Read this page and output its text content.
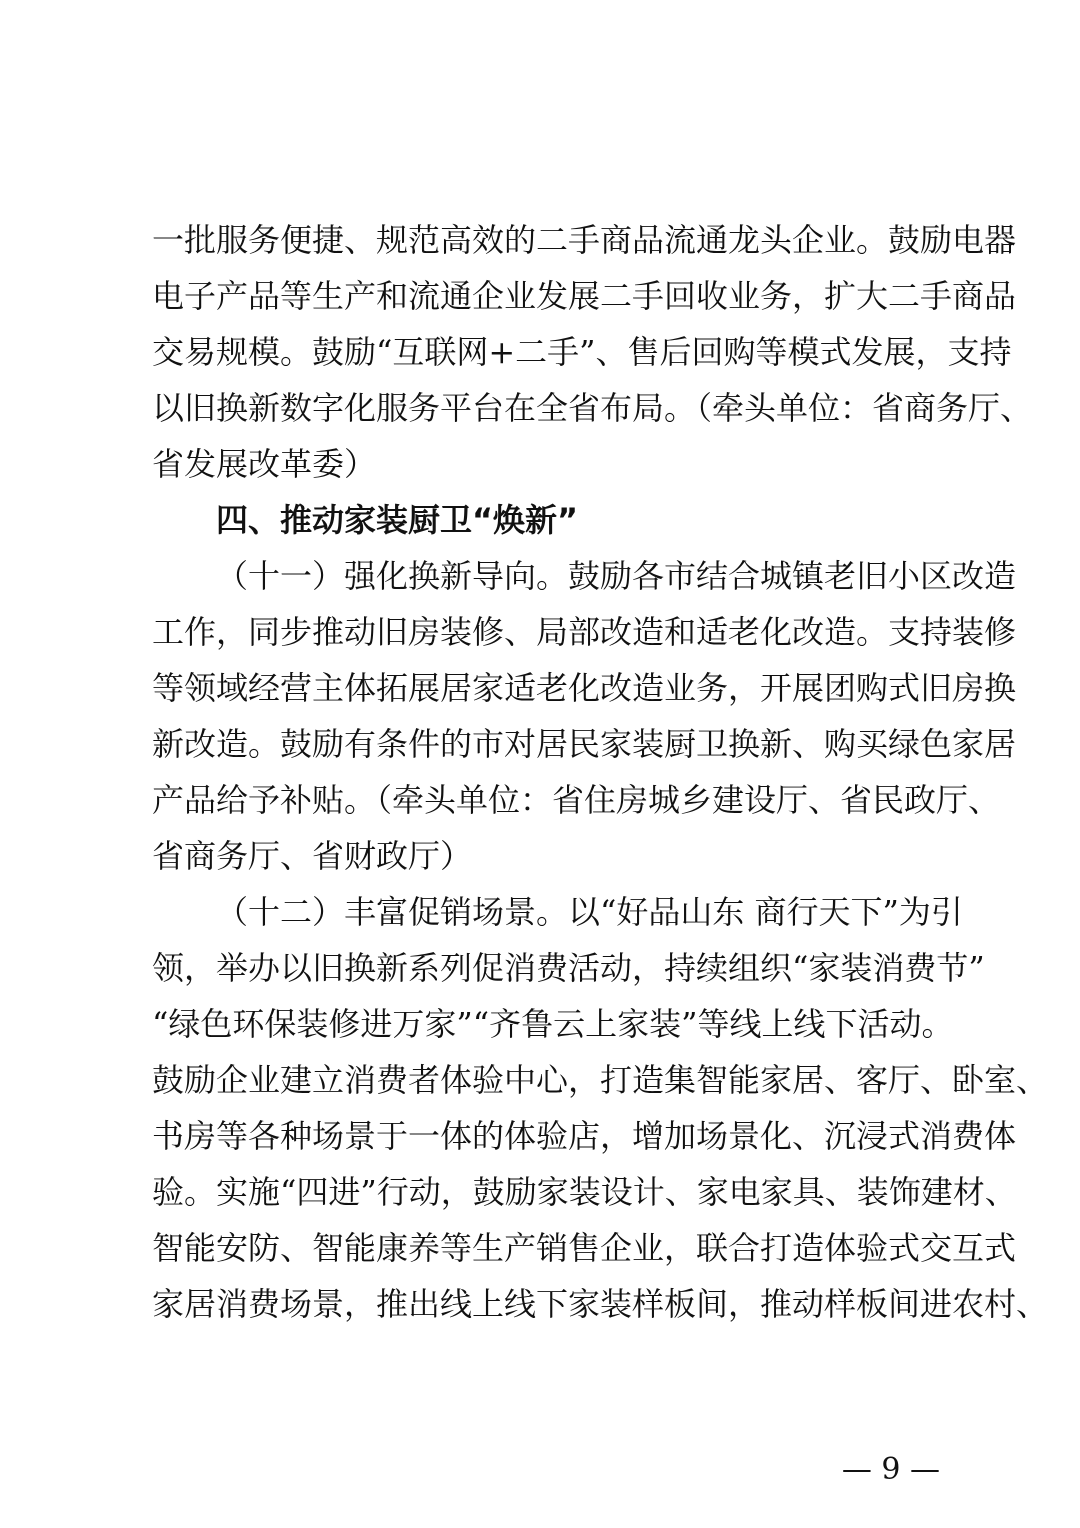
一批服务便捷、规范高效的二手商品流通龙头企业。鼓励电器
电子产品等生产和流通企业发展二手回收业务，扩大二手商品
交易规模。鼓励“互联网+二手”、售后回购等模式发展，支持
以旧换新数字化服务平台在全省布局。（牵头单位：省商务厅、
省发展改革委）
四、推动家装厨卫“焕新”
（十一）强化换新导向。鼓励各市结合城镇老旧小区改造
工作，同步推动旧房装修、局部改造和适老化改造。支持装修
等领域经营主体拓展居家适老化改造业务，开展团购式旧房换
新改造。鼓励有条件的市对居民家装厨卫换新、购买绿色家居
产品给予补贴。（牵头单位：省住房城乡建设厅、省民政厅、
省商务厅、省财政厅）
（十二）丰富促销场景。以“好品山东 商行天下”为引
领，举办以旧换新系列促消费活动，持续组织“家装消费节”
“绿色环保装修进万家”“齐鲁云上家装”等线上线下活动。
鼓励企业建立消费者体验中心，打造集智能家居、客厅、卧室、
书房等各种场景于一体的体验店，增加场景化、沉浸式消费体
验。实施“四进”行动，鼓励家装设计、家电家具、装饰建材、
智能安防、智能康养等生产销售企业，联合打造体验式交互式
家居消费场景，推出线上线下家装样板间，推动样板间进农村、
— 9 —
